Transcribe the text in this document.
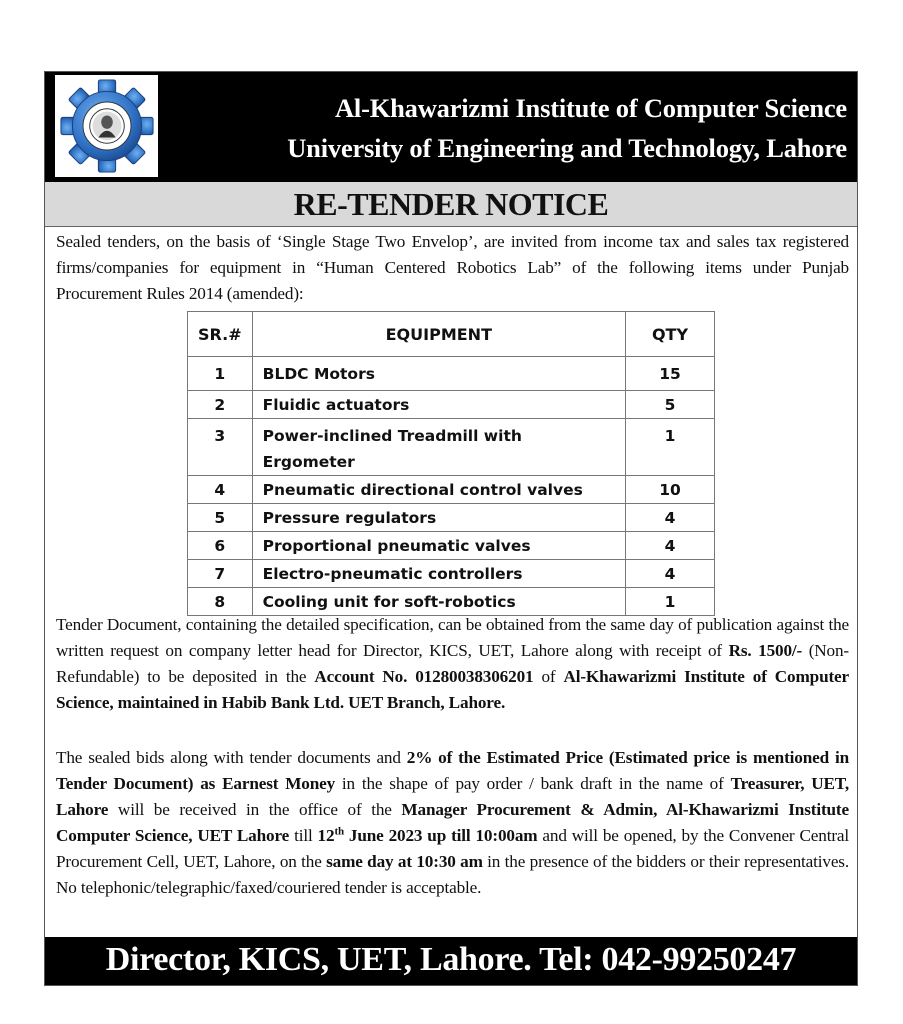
Al-Khawarizmi Institute of Computer Science
University of Engineering and Technology, Lahore
RE-TENDER NOTICE
Sealed tenders, on the basis of ‘Single Stage Two Envelop’, are invited from income tax and sales tax registered firms/companies for equipment in “Human Centered Robotics Lab” of the following items under Punjab Procurement Rules 2014 (amended):
SR.#	EQUIPMENT	QTY
1	BLDC Motors	15
2	Fluidic actuators	5
3	Power-inclined Treadmill with Ergometer	1
4	Pneumatic directional control valves	10
5	Pressure regulators	4
6	Proportional pneumatic valves	4
7	Electro-pneumatic controllers	4
8	Cooling unit for soft-robotics	1
Tender Document, containing the detailed specification, can be obtained from the same day of publication against the written request on company letter head for Director, KICS, UET, Lahore along with receipt of Rs. 1500/- (Non-Refundable) to be deposited in the Account No. 01280038306201 of Al-Khawarizmi Institute of Computer Science, maintained in Habib Bank Ltd. UET Branch, Lahore.
The sealed bids along with tender documents and 2% of the Estimated Price (Estimated price is mentioned in Tender Document) as Earnest Money in the shape of pay order / bank draft in the name of Treasurer, UET, Lahore will be received in the office of the Manager Procurement & Admin, Al-Khawarizmi Institute Computer Science, UET Lahore till 12th June 2023 up till 10:00am and will be opened, by the Convener Central Procurement Cell, UET, Lahore, on the same day at 10:30 am in the presence of the bidders or their representatives. No telephonic/telegraphic/faxed/couriered tender is acceptable.
Director, KICS, UET, Lahore. Tel: 042-99250247
